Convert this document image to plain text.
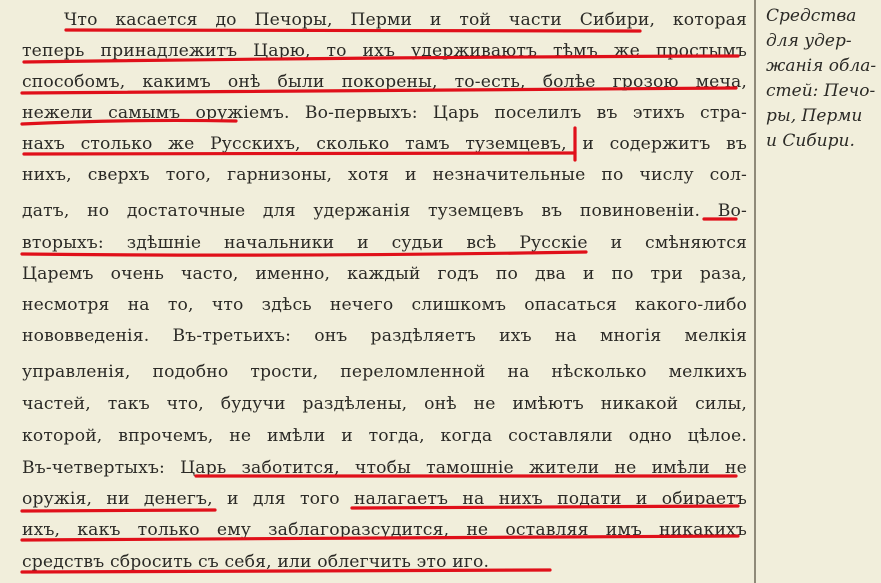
Что касается до Печоры, Перми и той части Сибири, которая
теперь принадлежитъ Царю, то ихъ удерживаютъ тѣмъ же простымъ
способомъ, какимъ онѣ были покорены, то-есть, болѣе грозою меча,
нежели самымъ оружіемъ. Во-первыхъ: Царь поселилъ въ этихъ стра-
нахъ столько же Русскихъ, сколько тамъ туземцевъ, и содержитъ въ
нихъ, сверхъ того, гарнизоны, хотя и незначительные по числу сол-
датъ, но достаточные для удержанія туземцевъ въ повиновеніи. Во-
вторыхъ: здѣшніе начальники и судьи всѣ Русскіе и смѣняются
Царемъ очень часто, именно, каждый годъ по два и по три раза,
несмотря на то, что здѣсь нечего слишкомъ опасаться какого-либо
нововведенія. Въ-третьихъ: онъ раздѣляетъ ихъ на многія мелкія
управленія, подобно трости, переломленной на нѣсколько мелкихъ
частей, такъ что, будучи раздѣлены, онѣ не имѣютъ никакой силы,
которой, впрочемъ, не имѣли и тогда, когда составляли одно цѣлое.
Въ-четвертыхъ: Царь заботится, чтобы тамошніе жители не имѣли не
оружія, ни денегъ, и для того налагаетъ на нихъ подати и обираетъ
ихъ, какъ только ему заблагоразсудится, не оставляя имъ никакихъ
средствъ сбросить съ себя, или облегчить это иго.
Средства
для удер-
жанія обла-
стей: Печо-
ры, Перми
и Сибири.
